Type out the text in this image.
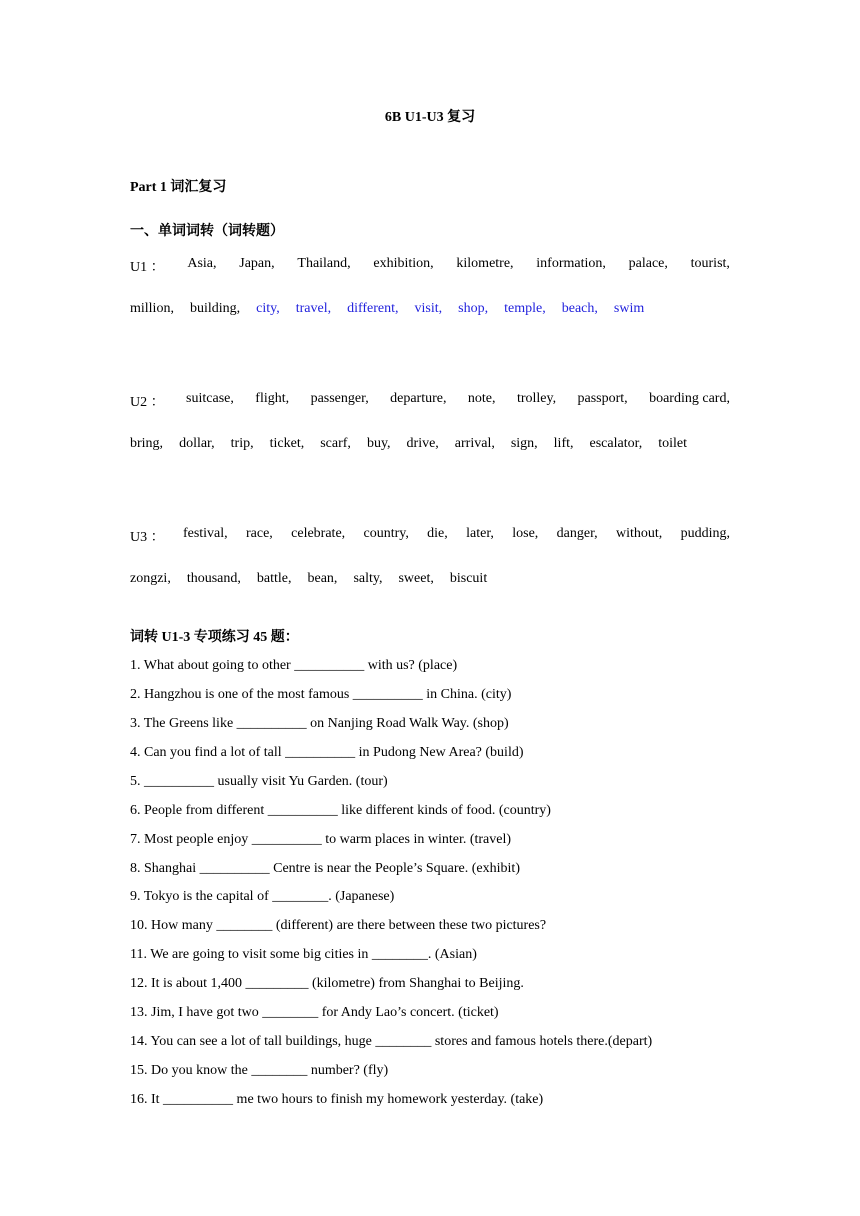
6B U1-U3 复习
Part 1 词汇复习
一、单词词转（词转题）
U1 ： Asia, Japan, Thailand, exhibition, kilometre, information, palace, tourist,
million, building, city, travel, different, visit, shop, temple, beach, swim
U2 ： suitcase, flight, passenger, departure, note, trolley, passport, boarding card,
bring, dollar, trip, ticket, scarf, buy, drive, arrival, sign, lift, escalator, toilet
U3 ： festival, race, celebrate, country, die, later, lose, danger, without, pudding,
zongzi, thousand, battle, bean, salty, sweet, biscuit
词转 U1-3 专项练习 45 题：
1. What about going to other __________ with us? (place)
2. Hangzhou is one of the most famous __________ in China. (city)
3. The Greens like __________ on Nanjing Road Walk Way. (shop)
4. Can you find a lot of tall __________ in Pudong New Area? (build)
5. __________ usually visit Yu Garden. (tour)
6. People from different __________ like different kinds of food. (country)
7. Most people enjoy __________ to warm places in winter. (travel)
8. Shanghai __________ Centre is near the People’s Square. (exhibit)
9. Tokyo is the capital of ________. (Japanese)
10. How many ________ (different) are there between these two pictures?
11. We are going to visit some big cities in ________. (Asian)
12. It is about 1,400 _________ (kilometre) from Shanghai to Beijing.
13. Jim, I have got two ________ for Andy Lao’s concert. (ticket)
14. You can see a lot of tall buildings, huge ________ stores and famous hotels there.(depart)
15. Do you know the ________ number? (fly)
16. It __________ me two hours to finish my homework yesterday. (take)
